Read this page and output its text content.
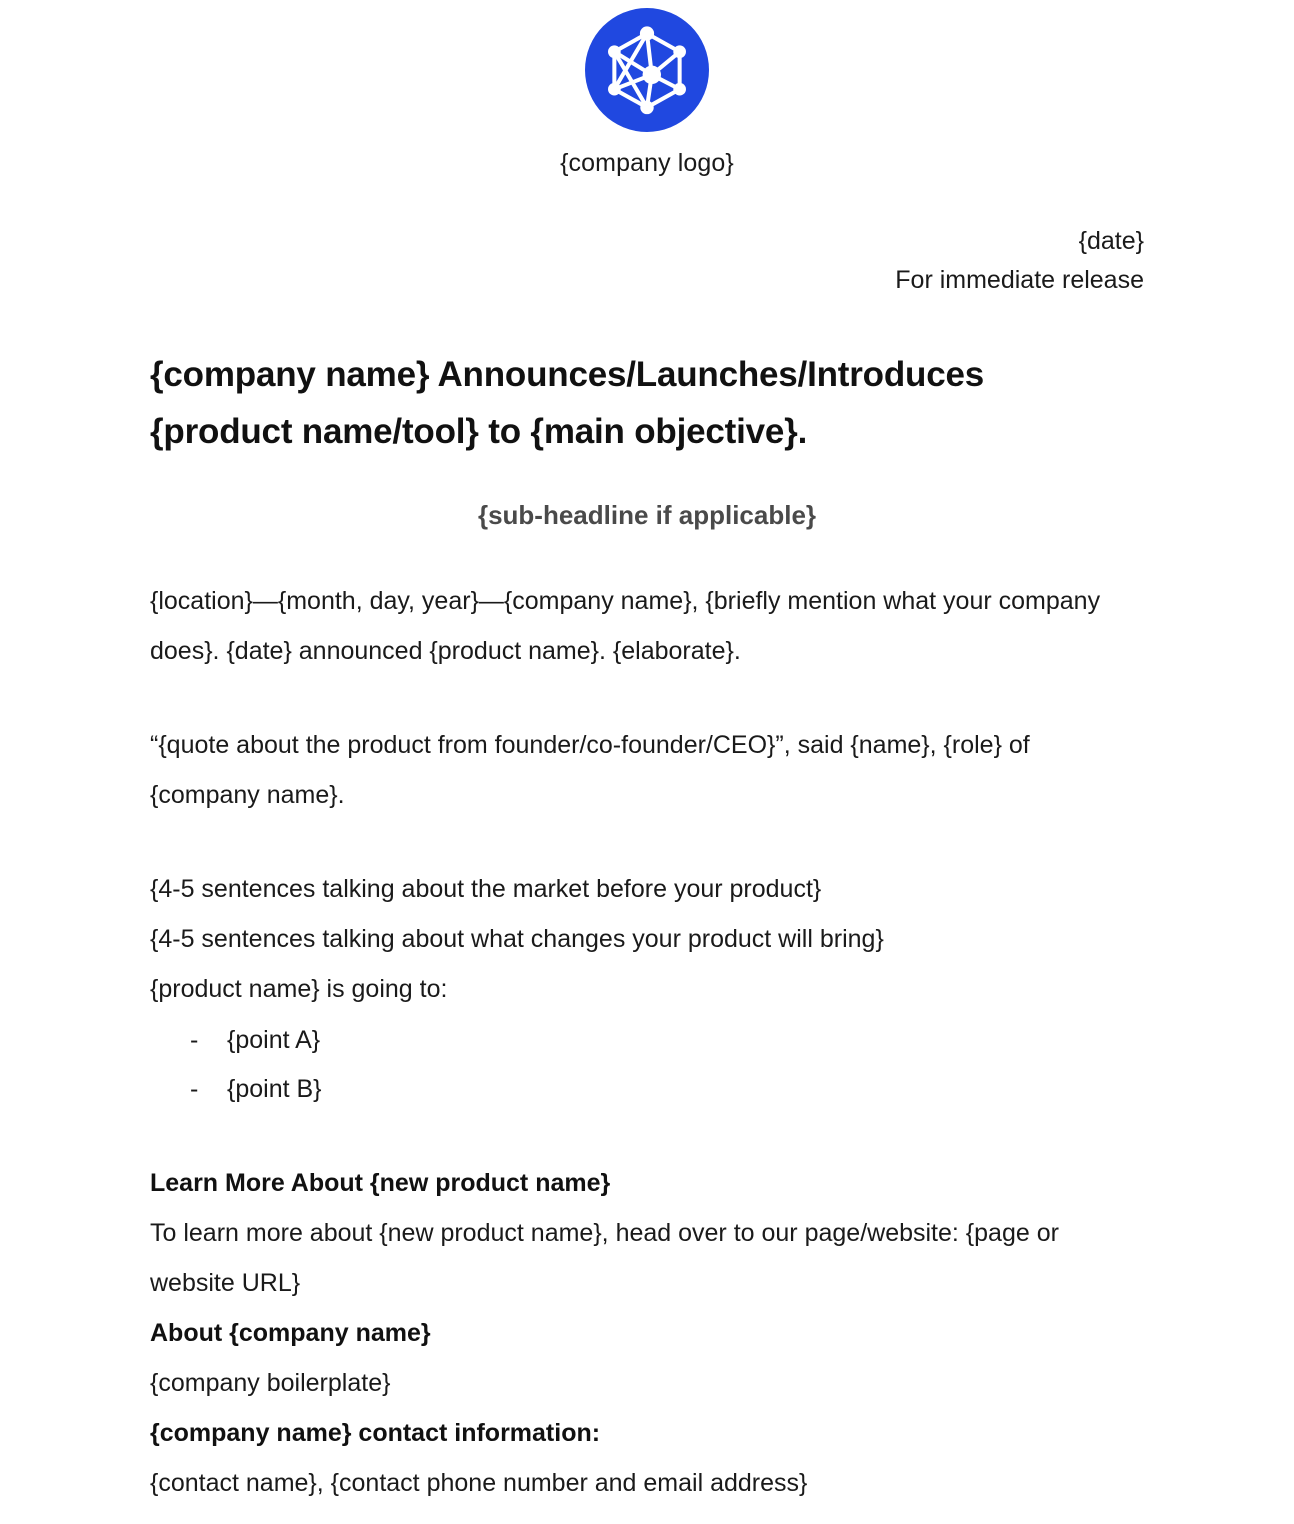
{company logo}
{date}
For immediate release
{company name} Announces/Launches/Introduces {product name/tool} to {main objective}.
{sub-headline if applicable}

{location}—{month, day, year}—{company name}, {briefly mention what your company does}. {date} announced {product name}. {elaborate}.

“{quote about the product from founder/co-founder/CEO}”, said {name}, {role} of {company name}.

{4-5 sentences talking about the market before your product}
{4-5 sentences talking about what changes your product will bring}
{product name} is going to:
-	{point A}
-	{point B}
Learn More About {new product name}
To learn more about {new product name}, head over to our page/website: {page or website URL}
About {company name}
{company boilerplate}
{company name} contact information:
{contact name}, {contact phone number and email address}
